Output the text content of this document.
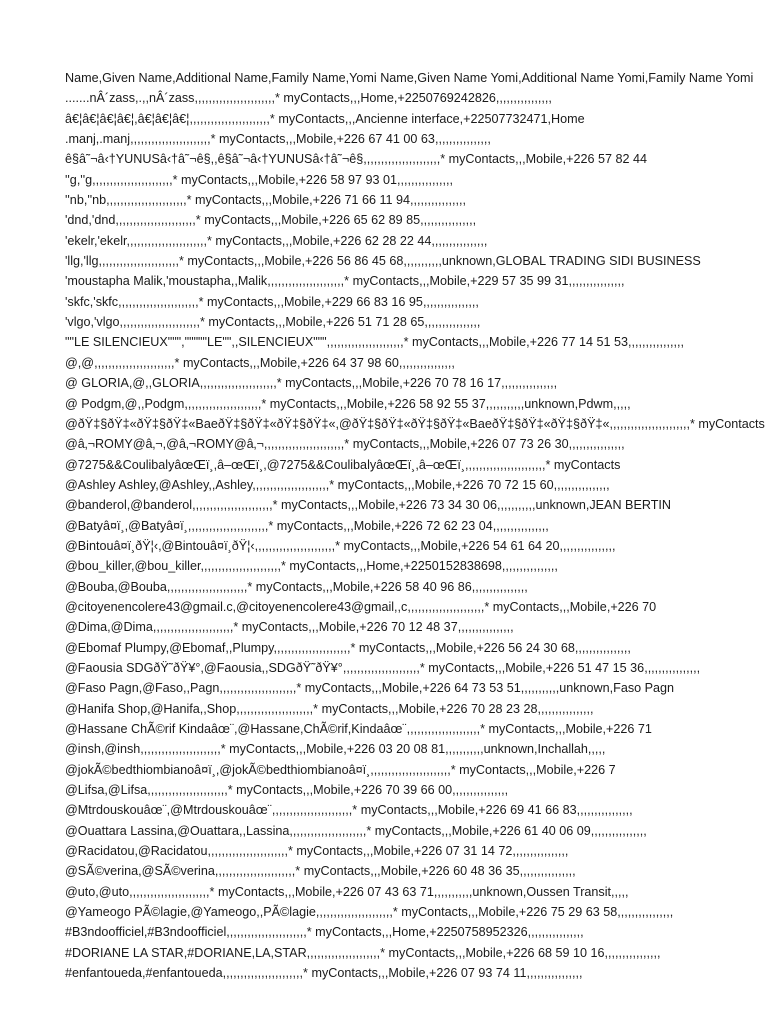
Name,Given Name,Additional Name,Family Name,Yomi Name,Given Name Yomi,Additional Name Yomi,Family Name Yomi
.......nÂ´zass,.,,nÂ´zass,,,,,,,,,,,,,,,,,,,,,,,* myContacts,,,Home,+2250769242826,,,,,,,,,,,,,,,,
â€¦â€¦â€¦â€¦,â€¦â€¦â€¦,,,,,,,,,,,,,,,,,,,,,,,* myContacts,,,Ancienne interface,+22507732471,Home
.manj,.manj,,,,,,,,,,,,,,,,,,,,,,,* myContacts,,,Mobile,+226 67 41 00 63,,,,,,,,,,,,,,,,
ê§â˜¬â‹†YUNUSâ‹†â˜¬ê§,,ê§â˜¬â‹†YUNUSâ‹†â˜¬ê§,,,,,,,,,,,,,,,,,,,,,,* myContacts,,,Mobile,+226 57 82 44
''g,''g,,,,,,,,,,,,,,,,,,,,,,,* myContacts,,,Mobile,+226 58 97 93 01,,,,,,,,,,,,,,,,
''nb,''nb,,,,,,,,,,,,,,,,,,,,,,,* myContacts,,,Mobile,+226 71 66 11 94,,,,,,,,,,,,,,,,
'dnd,'dnd,,,,,,,,,,,,,,,,,,,,,,,* myContacts,,,Mobile,+226 65 62 89 85,,,,,,,,,,,,,,,,
'ekelr,'ekelr,,,,,,,,,,,,,,,,,,,,,,,* myContacts,,,Mobile,+226 62 28 22 44,,,,,,,,,,,,,,,,
'llg,'llg,,,,,,,,,,,,,,,,,,,,,,,* myContacts,,,Mobile,+226 56 86 45 68,,,,,,,,,,,unknown,GLOBAL TRADING SIDI BUSINESS
'moustapha Malik,'moustapha,,Malik,,,,,,,,,,,,,,,,,,,,,,* myContacts,,,Mobile,+229 57 35 99 31,,,,,,,,,,,,,,,,
'skfc,'skfc,,,,,,,,,,,,,,,,,,,,,,,* myContacts,,,Mobile,+229 66 83 16 95,,,,,,,,,,,,,,,,
'vlgo,'vlgo,,,,,,,,,,,,,,,,,,,,,,,* myContacts,,,Mobile,+226 51 71 28 65,,,,,,,,,,,,,,,,
""LE SILENCIEUX""","""""LE"",,SILENCIEUX""",,,,,,,,,,,,,,,,,,,,,,* myContacts,,,Mobile,+226 77 14 51 53,,,,,,,,,,,,,,,,
@,@,,,,,,,,,,,,,,,,,,,,,,,* myContacts,,,Mobile,+226 64 37 98 60,,,,,,,,,,,,,,,,
@ GLORIA,@,,GLORIA,,,,,,,,,,,,,,,,,,,,,,* myContacts,,,Mobile,+226 70 78 16 17,,,,,,,,,,,,,,,,
@ Podgm,@,,Podgm,,,,,,,,,,,,,,,,,,,,,,* myContacts,,,Mobile,+226 58 92 55 37,,,,,,,,,,,unknown,Pdwm,,,,,
@ðŸ‡§ðŸ‡«ðŸ‡§ðŸ‡«BaeðŸ‡§ðŸ‡«ðŸ‡§ðŸ‡«,@ðŸ‡§ðŸ‡«ðŸ‡§ðŸ‡«BaeðŸ‡§ðŸ‡«ðŸ‡§ðŸ‡«,,,,,,,,,,,,,,,,,,,,,,,* myContacts
@â‚¬ROMY@â‚¬,@â‚¬ROMY@â‚¬,,,,,,,,,,,,,,,,,,,,,,,* myContacts,,,Mobile,+226 07 73 26 30,,,,,,,,,,,,,,,,
@7275&&CoulibalyâœŒï¸,â–œŒï¸,@7275&&CoulibalyâœŒï¸,â–œŒï¸,,,,,,,,,,,,,,,,,,,,,,,* myContacts
@Ashley Ashley,@Ashley,,Ashley,,,,,,,,,,,,,,,,,,,,,,* myContacts,,,Mobile,+226 70 72 15 60,,,,,,,,,,,,,,,,
@banderol,@banderol,,,,,,,,,,,,,,,,,,,,,,,* myContacts,,,Mobile,+226 73 34 30 06,,,,,,,,,,,unknown,JEAN BERTIN
@Batyâ¤ï¸,@Batyâ¤ï¸,,,,,,,,,,,,,,,,,,,,,,,* myContacts,,,Mobile,+226 72 62 23 04,,,,,,,,,,,,,,,,
@Bintouâ¤ï¸ðŸ¦‹,@Bintouâ¤ï¸ðŸ¦‹,,,,,,,,,,,,,,,,,,,,,,,* myContacts,,,Mobile,+226 54 61 64 20,,,,,,,,,,,,,,,,
@bou_killer,@bou_killer,,,,,,,,,,,,,,,,,,,,,,,* myContacts,,,Home,+2250152838698,,,,,,,,,,,,,,,,
@Bouba,@Bouba,,,,,,,,,,,,,,,,,,,,,,,* myContacts,,,Mobile,+226 58 40 96 86,,,,,,,,,,,,,,,,
@citoyenencolere43@gmail.c,@citoyenencolere43@gmail,,c,,,,,,,,,,,,,,,,,,,,,,* myContacts,,,Mobile,+226 70
@Dima,@Dima,,,,,,,,,,,,,,,,,,,,,,,* myContacts,,,Mobile,+226 70 12 48 37,,,,,,,,,,,,,,,,
@Ebomaf Plumpy,@Ebomaf,,Plumpy,,,,,,,,,,,,,,,,,,,,,,* myContacts,,,Mobile,+226 56 24 30 68,,,,,,,,,,,,,,,,
@Faousia SDGðŸ˜ðŸ¥°,@Faousia,,SDGðŸ˜ðŸ¥°,,,,,,,,,,,,,,,,,,,,,,* myContacts,,,Mobile,+226 51 47 15 36,,,,,,,,,,,,,,,,
@Faso Pagn,@Faso,,Pagn,,,,,,,,,,,,,,,,,,,,,,* myContacts,,,Mobile,+226 64 73 53 51,,,,,,,,,,,unknown,Faso Pagn
@Hanifa Shop,@Hanifa,,Shop,,,,,,,,,,,,,,,,,,,,,,* myContacts,,,Mobile,+226 70 28 23 28,,,,,,,,,,,,,,,,
@Hassane ChÃ©rif Kindaâœ¨,@Hassane,ChÃ©rif,Kindaâœ¨,,,,,,,,,,,,,,,,,,,,,* myContacts,,,Mobile,+226 71
@insh,@insh,,,,,,,,,,,,,,,,,,,,,,,* myContacts,,,Mobile,+226 03 20 08 81,,,,,,,,,,,unknown,Inchallah,,,,,
@jokÃ©bedthiombianoâ¤ï¸,@jokÃ©bedthiombianoâ¤ï¸,,,,,,,,,,,,,,,,,,,,,,,* myContacts,,,Mobile,+226 7
@Lifsa,@Lifsa,,,,,,,,,,,,,,,,,,,,,,,* myContacts,,,Mobile,+226 70 39 66 00,,,,,,,,,,,,,,,,
@Mtrdouskouâœ¨,@Mtrdouskouâœ¨,,,,,,,,,,,,,,,,,,,,,,,* myContacts,,,Mobile,+226 69 41 66 83,,,,,,,,,,,,,,,,
@Ouattara Lassina,@Ouattara,,Lassina,,,,,,,,,,,,,,,,,,,,,,* myContacts,,,Mobile,+226 61 40 06 09,,,,,,,,,,,,,,,,
@Racidatou,@Racidatou,,,,,,,,,,,,,,,,,,,,,,,* myContacts,,,Mobile,+226 07 31 14 72,,,,,,,,,,,,,,,,
@SÃ©verina,@SÃ©verina,,,,,,,,,,,,,,,,,,,,,,,* myContacts,,,Mobile,+226 60 48 36 35,,,,,,,,,,,,,,,,
@uto,@uto,,,,,,,,,,,,,,,,,,,,,,,* myContacts,,,Mobile,+226 07 43 63 71,,,,,,,,,,,unknown,Oussen Transit,,,,,
@Yameogo PÃ©lagie,@Yameogo,,PÃ©lagie,,,,,,,,,,,,,,,,,,,,,,* myContacts,,,Mobile,+226 75 29 63 58,,,,,,,,,,,,,,,,
#B3ndoofficiel,#B3ndoofficiel,,,,,,,,,,,,,,,,,,,,,,,* myContacts,,,Home,+2250758952326,,,,,,,,,,,,,,,,
#DORIANE LA STAR,#DORIANE,LA,STAR,,,,,,,,,,,,,,,,,,,,,* myContacts,,,Mobile,+226 68 59 10 16,,,,,,,,,,,,,,,,
#enfantoueda,#enfantoueda,,,,,,,,,,,,,,,,,,,,,,,* myContacts,,,Mobile,+226 07 93 74 11,,,,,,,,,,,,,,,,
